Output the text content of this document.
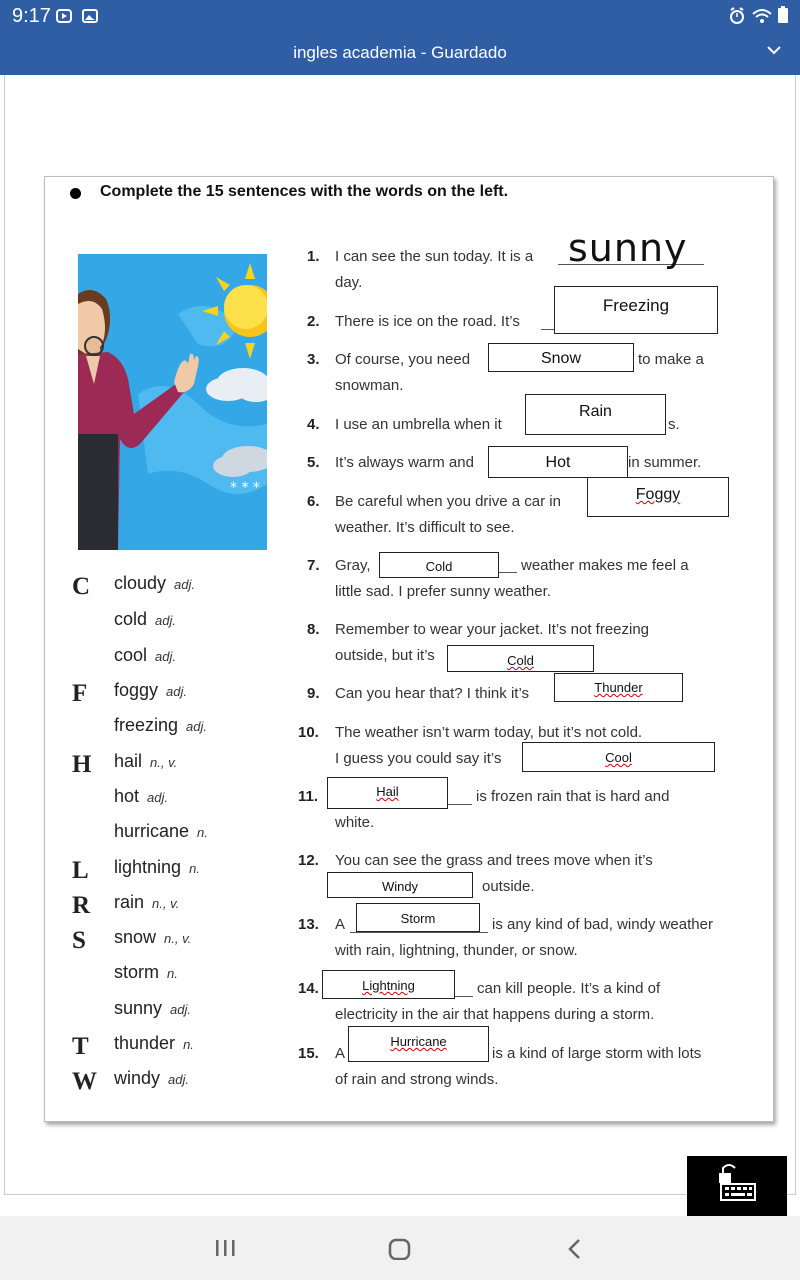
9:17
ingles academia - Guardado
Complete the 15 sentences with the words on the left.
* * *
C cloudy adj.
cold adj.
cool adj.
F foggy adj.
freezing adj.
H hail n., v.
hot adj.
hurricane n.
L lightning n.
R rain n., v.
S snow n., v.
storm n.
sunny adj.
T thunder n.
W windy adj.
1. I can see the sun today. It is a sunny
day.
2. There is ice on the road. It’s
Freezing
3. Of course, you need	Snow	to make a
snowman.
4. I use an umbrella when it
Rain
s.
5. It’s always warm and	Hot	in summer.
6. Be careful when you drive a car in	Foggy
weather. It’s difficult to see.
7. Gray,	Cold	weather makes me feel a
little sad. I prefer sunny weather.
8. Remember to wear your jacket. It’s not freezing
outside, but it’s	Cold
9. Can you hear that? I think it’s	Thunder
10. The weather isn’t warm today, but it’s not cold.
I guess you could say it’s	Cool
11.	Hail	is frozen rain that is hard and
white.
12. You can see the grass and trees move when it’s
Windy	outside.
13. A	Storm	is any kind of bad, windy weather
with rain, lightning, thunder, or snow.
14.	Lightning	can kill people. It’s a kind of
electricity in the air that happens during a storm.
15. A
Hurricane
is a kind of large storm with lots
of rain and strong winds.
